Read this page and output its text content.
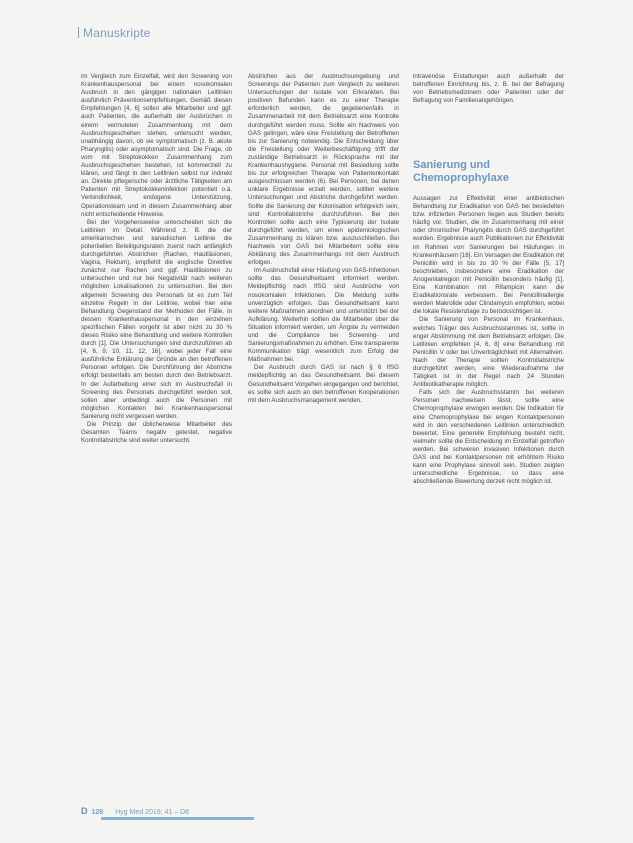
Manuskripte

im Vergleich zum Einzelfall, wird den Screening von Krankenhauspersonal bei einem nosokomialen Ausbruch in den gängigen nationalen Leitlinien ausführlich Präventionsempfehlungen. Gemäß diesen Empfehlungen [4, 6] sollen alle Mitarbeiter und ggf. auch Patienten, die außerhalb der Ausbrüchen in einem vermuteten Zusammenhang mit dem Ausbruchsgeschehen stehen, untersucht werden, unabhängig davon, ob sie symptomatisch (z. B. akute Pharyngitis) oder asymptomatisch sind. Die Frage, ob vom mit Streptokokken Zusammenhang zum Ausbruchsgeschehen bestehen, ist kommerziell zu klären, und fängt in den Leitlinien selbst nur indirekt an. Direkte pflegerische oder ärztliche Tätigkeiten am Patienten mit Streptokokkeninfektion potentiell o.ä. Verbindlichkeit, endogene Unterstützung, Operationsteam und in diesem Zusammenhang aber nicht entscheidende Hinweise.

Bei der Vorgehensweise unterscheiden sich die Leitlinien im Detail. Während z. B. die der amerikanischen und kanadischen Leitlinie die potentiellen Beteiligungsraten zuerst nach anfänglich durchgeführten Abstrichen (Rachen, Hautläsionen, Vagina, Rektum), empfiehlt die englische Direktive zunächst nur Rachen und ggf. Hautläsionen zu untersuchen und nur bei Negativität nach weiteren möglichen Lokalisationen zu untersuchen. Bei den allgemein Screening des Personals ist es zum Teil einzelne Regeln in der Leitlinie, wobei hier eine Behandlung Gegenstand der Methoden der Fälle, in dessen Krankenhauspersonal in den einzelnen spezifischen Fällen vorgeht ist aber nicht zu 30 % dieses Risiko eine Behandlung und weitere Kontrollen durch [1]. Die Untersuchungen sind durchzuführen ab [4, 6, 9, 10, 11, 12, 16], wobei jeder Fall eine ausführliche Erklärung der Gründe an den betroffenen Personen erfolgen. Die Durchführung der Abstriche erfolgt bestenfalls am besten durch den Betriebsarzt. In der Aufarbeitung einer sich im Ausbruchsfall in Screening des Personals durchgeführt werden soll, sollen aber unbedingt auch die Personen mit möglichen Kontakten bei Krankenhauspersonal Sanierung nicht vergessen werden.

Die Prinzip der üblicherweise Mitarbeiter des Gesamten Teams negativ getestet, negative Kontrollabstriche sind weiter untersucht.

Abstrichen aus der Ausbruchsumgebung und Screenings der Patienten zum Vergleich zu weiteren Untersuchungen der Isolate von Erkrankten. Bei positiven Befunden kann es zu einer Therapie erforderlich werden, die gegebenenfalls in Zusammenarbeit mit dem Betriebsarzt eine Kontrolle durchgeführt werden muss. Sollte ein Nachweis von GAS gelingen, wäre eine Freistellung der Betroffenen bis zur Sanierung notwendig. Die Entscheidung über die Freistellung oder Weiterbeschäftigung trifft der zuständige Betriebsarzt in Rücksprache mit der Krankenhaushygiene. Personal mit Besiedlung sollte bis zur erfolgreichen Therapie von Patientenkontakt ausgeschlossen werden (6). Bei Personen, bei denen unklare Ergebnisse erzielt werden, sollten weitere Untersuchungen und Abstriche durchgeführt werden. Sollte die Sanierung der Kolonisation erfolgreich sein, sind Kontrollabstriche durchzuführen. Bei den Kontrollen sollte auch eine Typisierung der Isolate durchgeführt werden, um einen epidemiologischen Zusammenhang zu klären bzw. auszuschließen. Bei Nachweis von GAS bei Mitarbeitern sollte eine Abklärung des Zusammenhangs mit dem Ausbruch erfolgen.

Im Ausbruchsfall einer Häufung von GAS-Infektionen sollte das Gesundheitsamt informiert werden. Meldepflichtig nach IfSG sind Ausbrüche von nosokomialen Infektionen. Die Meldung sollte unverzüglich erfolgen. Das Gesundheitsamt kann weitere Maßnahmen anordnen und unterstützt bei der Aufklärung. Weiterhin sollten die Mitarbeiter über die Situation informiert werden, um Ängste zu vermeiden und die Compliance bei Screening- und Sanierungsmaßnahmen zu erhöhen. Eine transparente Kommunikation trägt wesentlich zum Erfolg der Maßnahmen bei.

Der Ausbruch durch GAS ist nach § 6 IfSG meldepflichtig an das Gesundheitsamt. Bei diesem Gesundheitsamt Vorgehen eingegangen und berichtet, es sollte sich auch an den betroffenen Kooperationen mit dem Ausbruchsmanagement wenden.

intravenöse Erstattungen auch außerhalb der betroffenen Einrichtung bis, z. B. bei der Befragung von Betriebsmedizinern oder Patienten oder der Befragung von Familienangehörigen.
Sanierung und Chemoprophylaxe

Aussagen zur Effektivität einer antibiotischen Behandlung zur Eradikation von GAS bei besiedelten bzw. infizierten Personen liegen aus Studien bereits häufig vor. Studien, die im Zusammenhang mit einer oder chronischer Pharyngitis durch GAS durchgeführt wurden. Ergebnisse auch Publikationen zur Effektivität im Rahmen von Sanierungen bei Häufungen in Krankenhäusern [16]. Ein Versagen der Eradikation mit Penicillin wird in bis zu 30 % der Fälle [5, 17] beschrieben, insbesondere eine Eradikation der Anogenitalregion mit Penicillin besonders häufig [1]. Eine Kombination mit Rifampicin kann die Eradikationsrate verbessern. Bei Penicillinallergie werden Makrolide oder Clindamycin empfohlen, wobei die lokale Resistenzlage zu berücksichtigen ist.

Die Sanierung von Personal im Krankenhaus, welches Träger des Ausbruchsstammes ist, sollte in enger Abstimmung mit dem Betriebsarzt erfolgen. Die Leitlinien empfehlen [4, 6, 8] eine Behandlung mit Penicillin V oder bei Unverträglichkeit mit Alternativen. Nach der Therapie sollten Kontrollabstriche durchgeführt werden, eine Wiederaufnahme der Tätigkeit ist in der Regel nach 24 Stunden Antibiotikatherapie möglich.

Falls sich der Ausbruchsstamm bei weiteren Personen nachweisen lässt, sollte eine Chemoprophylaxe erwogen werden. Die Indikation für eine Chemoprophylaxe bei engen Kontaktpersonen wird in den verschiedenen Leitlinien unterschiedlich bewertet. Eine generelle Empfehlung besteht nicht, vielmehr sollte die Entscheidung im Einzelfall getroffen werden. Bei schweren invasiven Infektionen durch GAS und bei Kontaktpersonen mit erhöhtem Risiko kann eine Prophylaxe sinnvoll sein. Studien zeigten unterschiedliche Ergebnisse, so dass eine abschließende Bewertung derzeit nicht möglich ist.

D 128 Hyg Med 2016; 41 – D8
